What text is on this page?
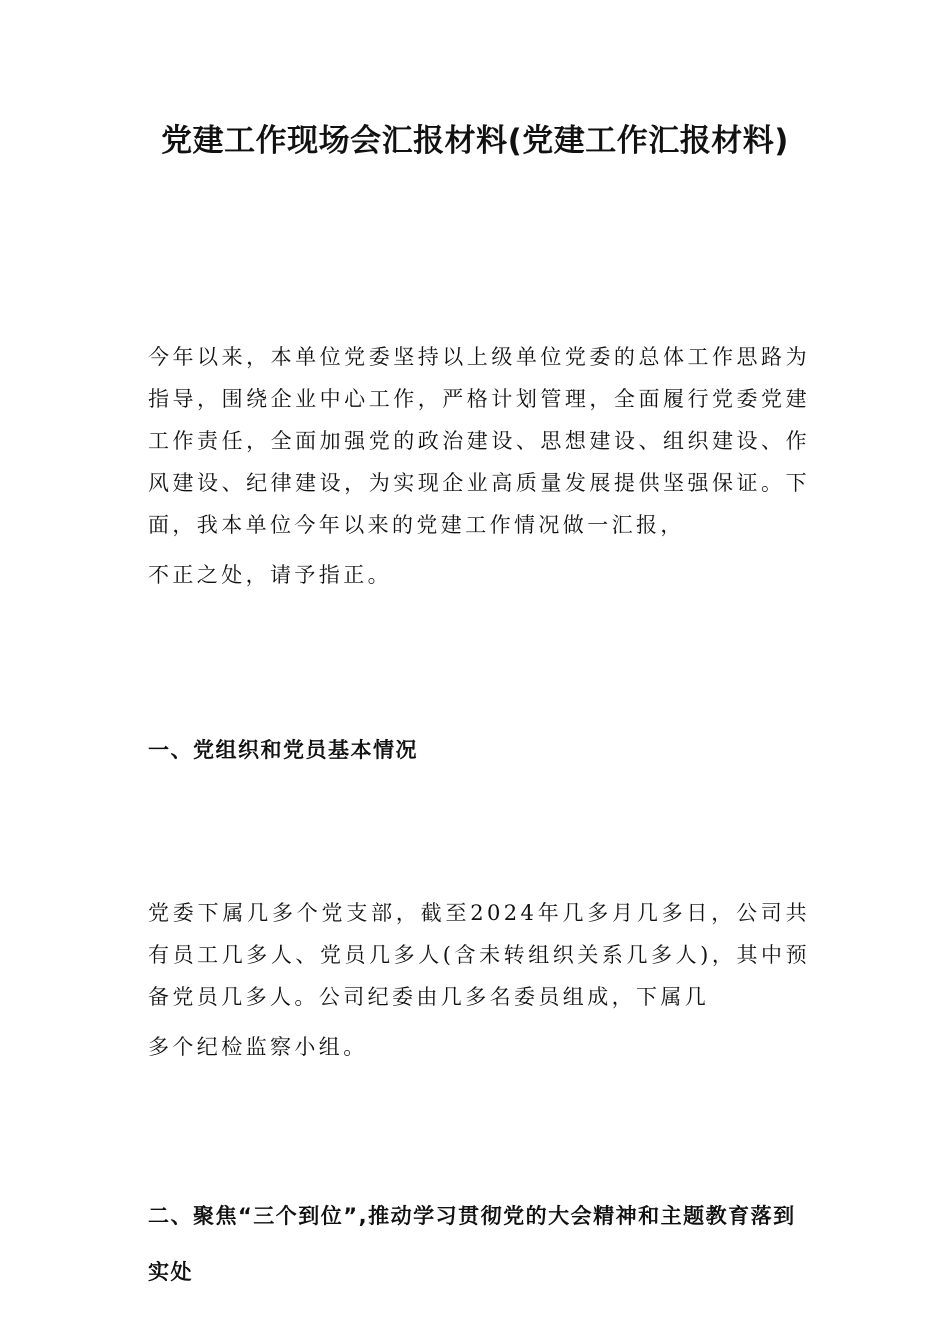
党建工作现场会汇报材料(党建工作汇报材料)

今年以来，本单位党委坚持以上级单位党委的总体工作思路为指导，围绕企业中心工作，严格计划管理，全面履行党委党建工作责任，全面加强党的政治建设、思想建设、组织建设、作风建设、纪律建设，为实现企业高质量发展提供坚强保证。下面，我本单位今年以来的党建工作情况做一汇报，
不正之处，请予指正。

一、党组织和党员基本情况

党委下属几多个党支部，截至2024年几多月几多日，公司共有员工几多人、党员几多人(含未转组织关系几多人)，其中预备党员几多人。公司纪委由几多名委员组成，下属几
多个纪检监察小组。

二、聚焦“三个到位”,推动学习贯彻党的大会精神和主题教育落到实处
